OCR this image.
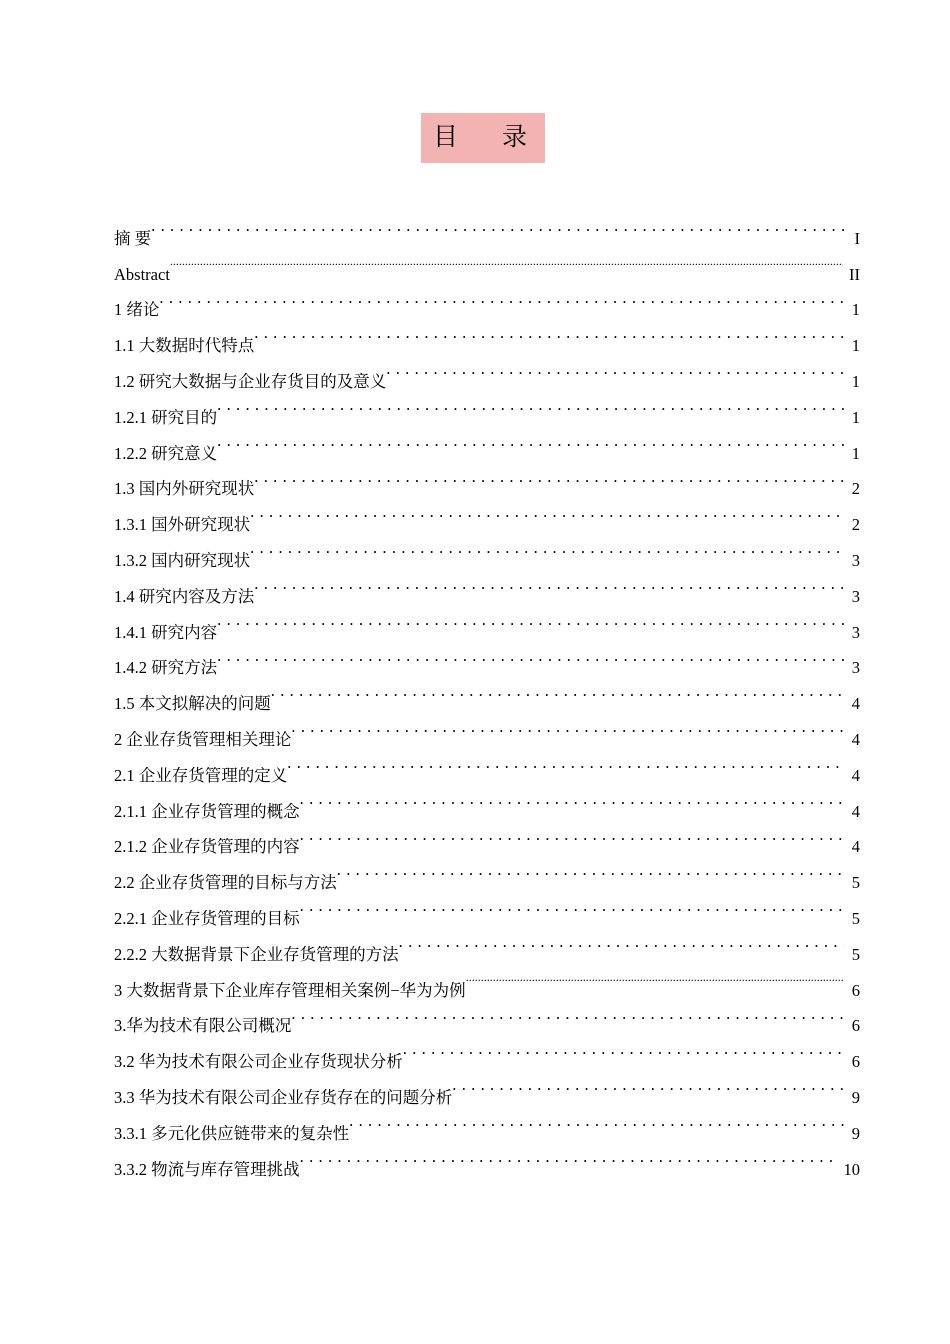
目 录
摘 要 . . .	I
Abstract .....	II
1 绪论 . . .	1
1.1 大数据时代特点 . . .	1
1.2 研究大数据与企业存货目的及意义 . . .	1
1.2.1 研究目的 . . .	1
1.2.2 研究意义 . . .	1
1.3 国内外研究现状 . . .	2
1.3.1 国外研究现状 . . .	2
1.3.2 国内研究现状 . . .	3
1.4 研究内容及方法 . . .	3
1.4.1 研究内容 . . .	3
1.4.2 研究方法 . . .	3
1.5 本文拟解决的问题 . . .	4
2 企业存货管理相关理论 . . .	4
2.1 企业存货管理的定义 . . .	4
2.1.1 企业存货管理的概念 . . .	4
2.1.2 企业存货管理的内容 . . .	4
2.2 企业存货管理的目标与方法 . . .	5
2.2.1 企业存货管理的目标 . . .	5
2.2.2 大数据背景下企业存货管理的方法 . . .	5
3 大数据背景下企业库存管理相关案例−华为为例 .....	6
3.华为技术有限公司概况 . . .	6
3.2 华为技术有限公司企业存货现状分析 . . .	6
3.3 华为技术有限公司企业存货存在的问题分析 . . .	9
3.3.1 多元化供应链带来的复杂性 . . .	9
3.3.2 物流与库存管理挑战 . . .	10
